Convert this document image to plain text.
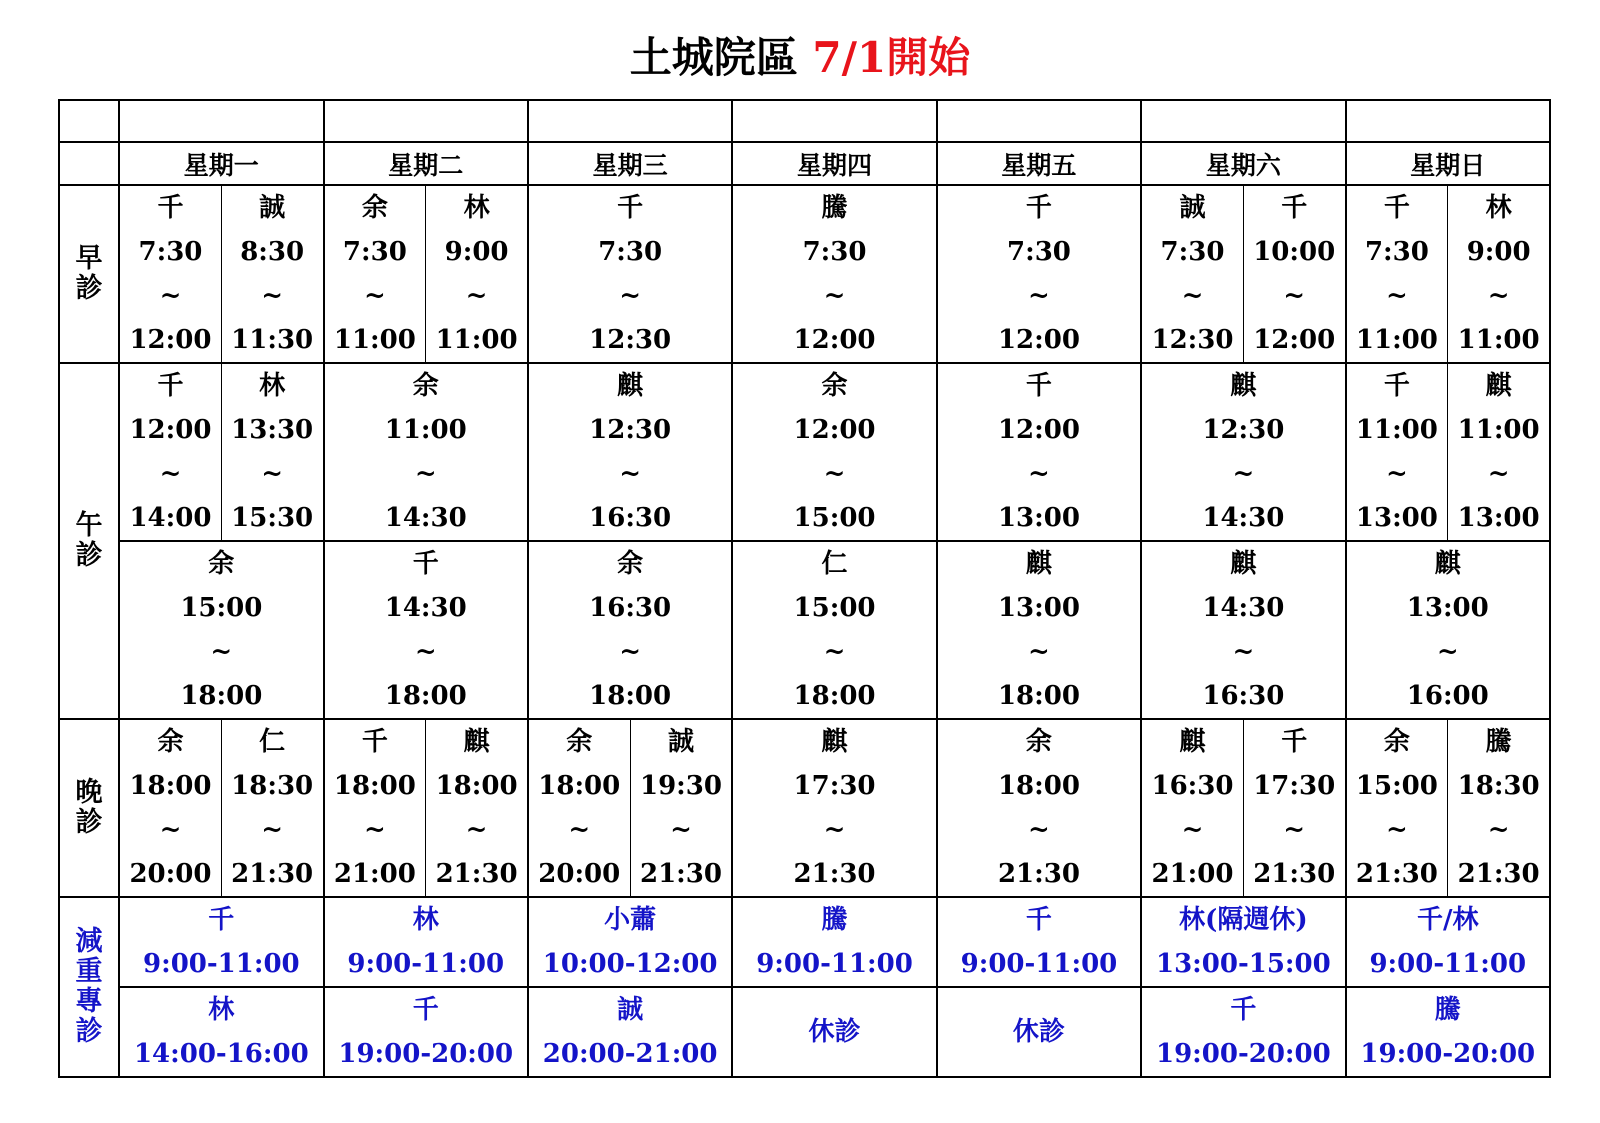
土城院區 7/1開始

	星期一		星期二		星期三		星期四	星期五	星期六		星期日	

早
診	千
7:30
~
12:00	誠
8:30
~
11:30	余
7:30
~
11:00	林
9:00
~
11:00	千
7:30
~
12:30		騰
7:30
~
12:00	千
7:30
~
12:00	誠
7:30
~
12:30	千
10:00
~
12:00	千
7:30
~
11:00	林
9:00
~
11:00

午
診	千
12:00
~
14:00	林
13:30
~
15:30	余
11:00
~
14:30		麒
12:30
~
16:30		余
12:00
~
15:00	千
12:00
~
13:00	麒
12:30
~
14:30		千
11:00
~
13:00	麒
11:00
~
13:00

	余
15:00
~
18:00		千
14:30
~
18:00		余
16:30
~
18:00		仁
15:00
~
18:00	麒
13:00
~
18:00	麒
14:30
~
16:30		麒
13:00
~
16:00	

晚
診	余
18:00
~
20:00	仁
18:30
~
21:30	千
18:00
~
21:00	麒
18:00
~
21:30	余
18:00
~
20:00	誠
19:30
~
21:30	麒
17:30
~
21:30	余
18:00
~
21:30	麒
16:30
~
21:00	千
17:30
~
21:30	余
15:00
~
21:30	騰
18:30
~
21:30

減
重
專
診	千
9:00-11:00		林
9:00-11:00		小蕭
10:00-12:00		騰
9:00-11:00	千
9:00-11:00	林(隔週休)
13:00-15:00		千/林
9:00-11:00	

	林
14:00-16:00		千
19:00-20:00		誠
20:00-21:00		休診	休診	千
19:00-20:00		騰
19:00-20:00	
